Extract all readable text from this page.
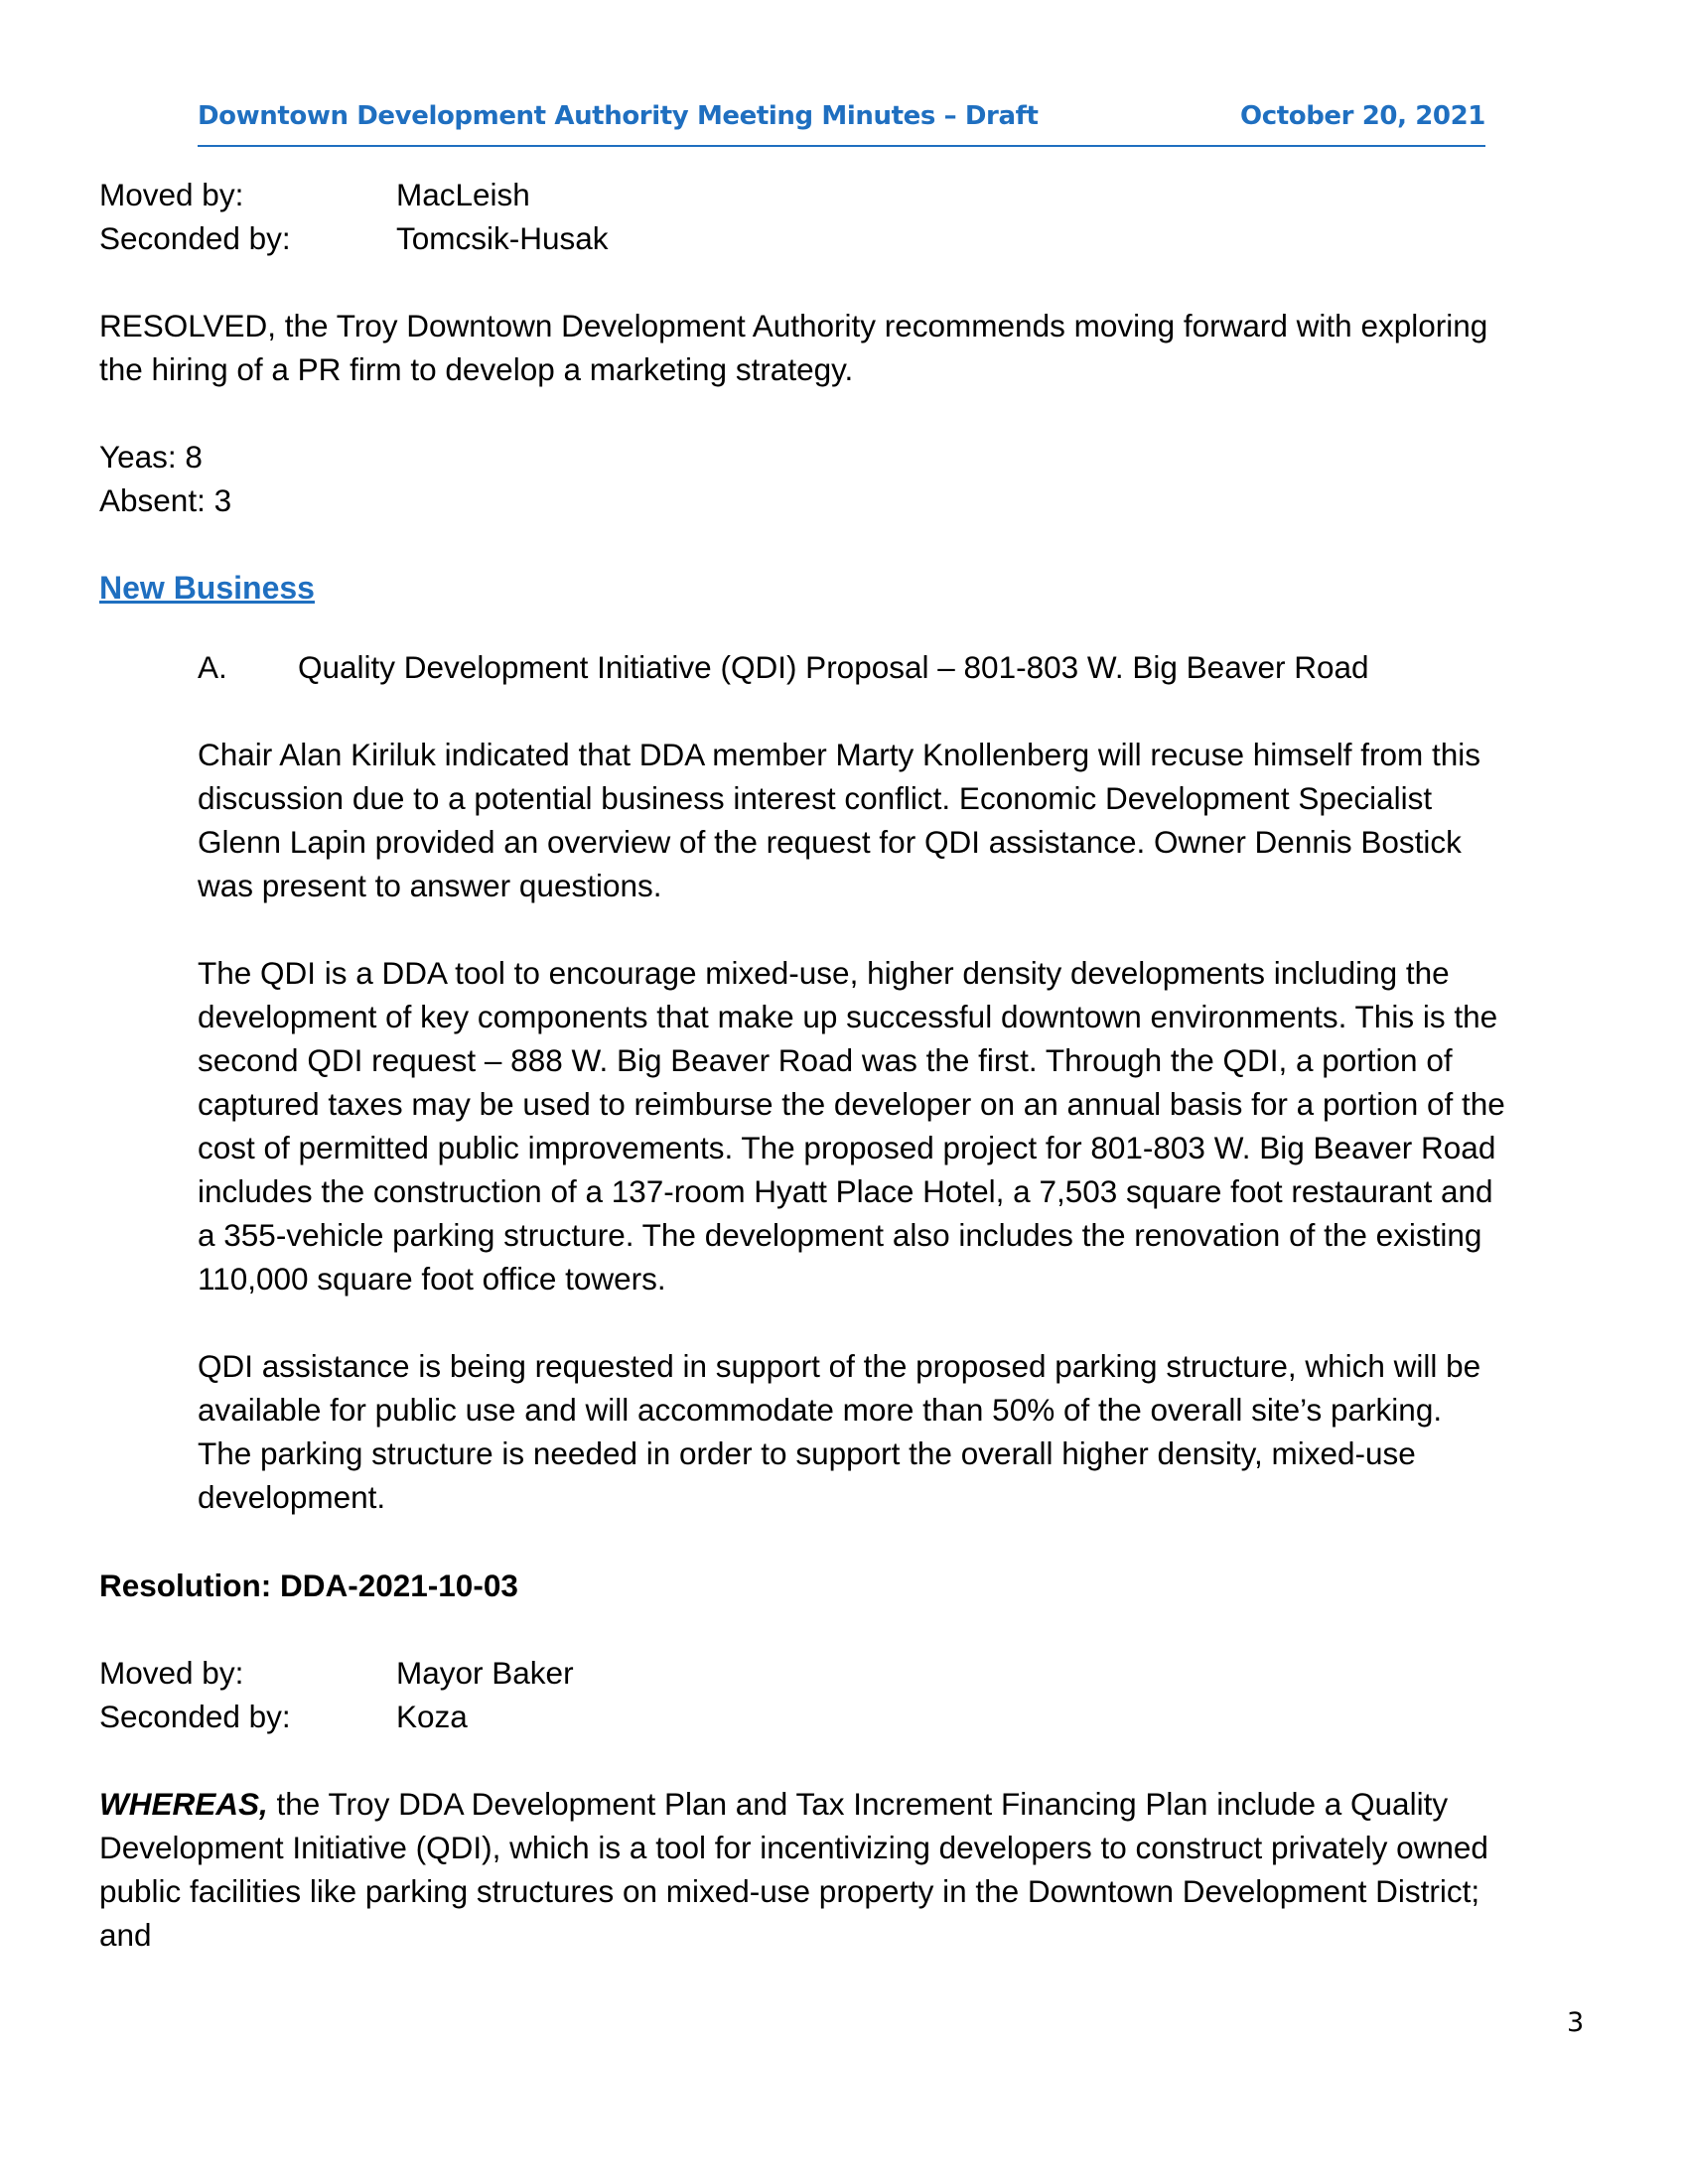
Downtown Development Authority Meeting Minutes – Draft	October 20, 2021
Moved by:	MacLeish
Seconded by:	Tomcsik-Husak
RESOLVED, the Troy Downtown Development Authority recommends moving forward with exploring
the hiring of a PR firm to develop a marketing strategy.
Yeas: 8
Absent: 3
New Business
A. Quality Development Initiative (QDI) Proposal – 801-803 W. Big Beaver Road
Chair Alan Kiriluk indicated that DDA member Marty Knollenberg will recuse himself from this
discussion due to a potential business interest conflict. Economic Development Specialist
Glenn Lapin provided an overview of the request for QDI assistance. Owner Dennis Bostick
was present to answer questions.
The QDI is a DDA tool to encourage mixed-use, higher density developments including the
development of key components that make up successful downtown environments. This is the
second QDI request – 888 W. Big Beaver Road was the first. Through the QDI, a portion of
captured taxes may be used to reimburse the developer on an annual basis for a portion of the
cost of permitted public improvements. The proposed project for 801-803 W. Big Beaver Road
includes the construction of a 137-room Hyatt Place Hotel, a 7,503 square foot restaurant and
a 355-vehicle parking structure. The development also includes the renovation of the existing
110,000 square foot office towers.
QDI assistance is being requested in support of the proposed parking structure, which will be
available for public use and will accommodate more than 50% of the overall site’s parking.
The parking structure is needed in order to support the overall higher density, mixed-use
development.
Resolution: DDA-2021-10-03
Moved by:	Mayor Baker
Seconded by:	Koza
WHEREAS, the Troy DDA Development Plan and Tax Increment Financing Plan include a Quality
Development Initiative (QDI), which is a tool for incentivizing developers to construct privately owned
public facilities like parking structures on mixed-use property in the Downtown Development District;
and
3
